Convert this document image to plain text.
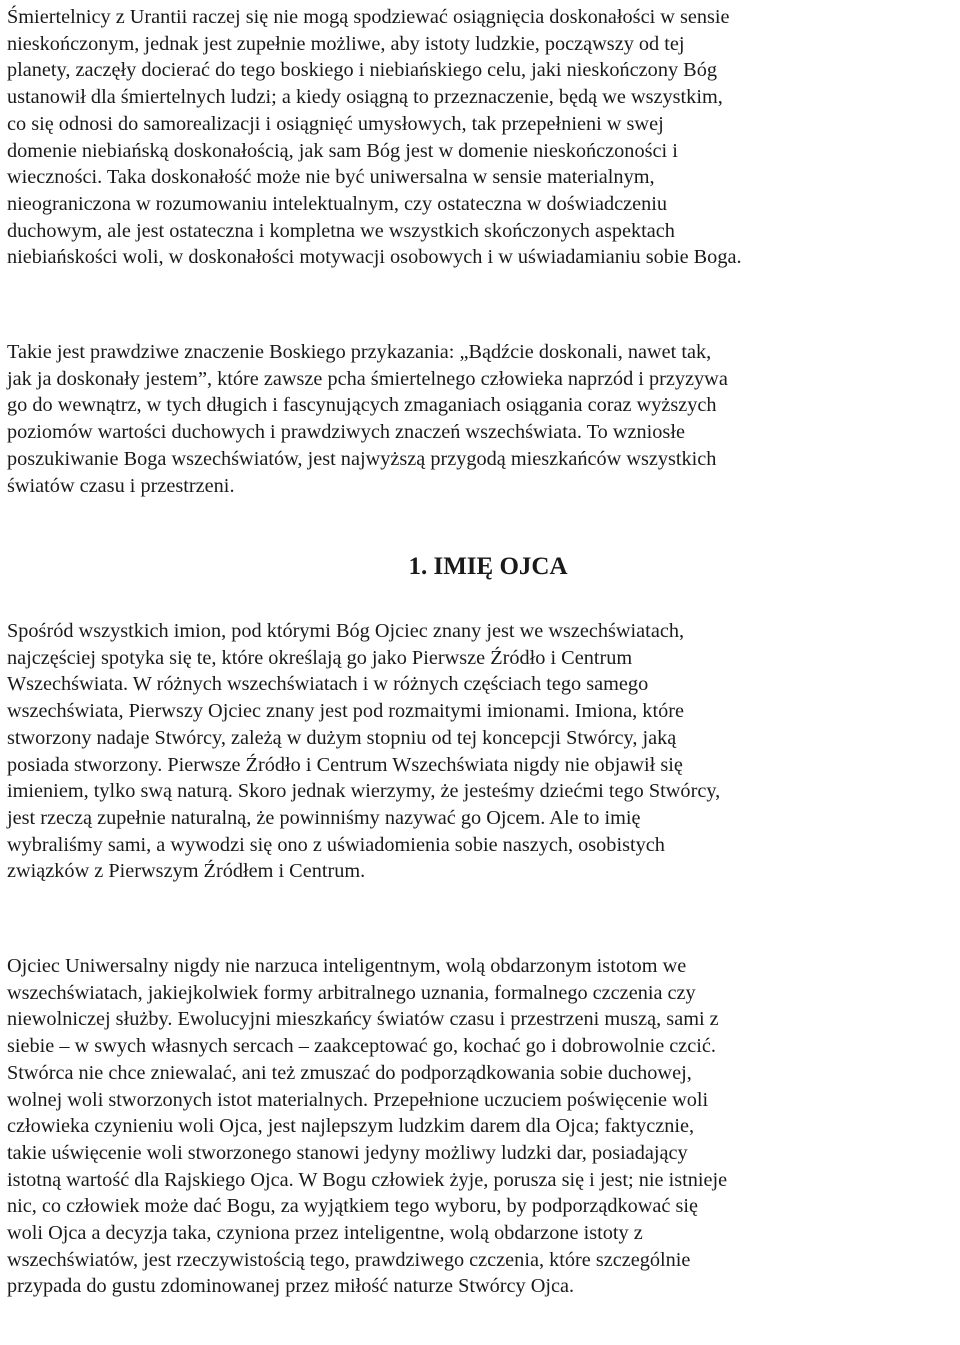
Śmiertelnicy z Urantii raczej się nie mogą spodziewać osiągnięcia doskonałości w sensie
nieskończonym, jednak jest zupełnie możliwe, aby istoty ludzkie, począwszy od tej
planety, zaczęły docierać do tego boskiego i niebiańskiego celu, jaki nieskończony Bóg
ustanowił dla śmiertelnych ludzi; a kiedy osiągną to przeznaczenie, będą we wszystkim,
co się odnosi do samorealizacji i osiągnięć umysłowych, tak przepełnieni w swej
domenie niebiańską doskonałością, jak sam Bóg jest w domenie nieskończoności i
wieczności. Taka doskonałość może nie być uniwersalna w sensie materialnym,
nieograniczona w rozumowaniu intelektualnym, czy ostateczna w doświadczeniu
duchowym, ale jest ostateczna i kompletna we wszystkich skończonych aspektach
niebiańskości woli, w doskonałości motywacji osobowych i w uświadamianiu sobie Boga.
Takie jest prawdziwe znaczenie Boskiego przykazania: „Bądźcie doskonali, nawet tak,
jak ja doskonały jestem”, które zawsze pcha śmiertelnego człowieka naprzód i przyzywa
go do wewnątrz, w tych długich i fascynujących zmaganiach osiągania coraz wyższych
poziomów wartości duchowych i prawdziwych znaczeń wszechświata. To wzniosłe
poszukiwanie Boga wszechświatów, jest najwyższą przygodą mieszkańców wszystkich
światów czasu i przestrzeni.
1. IMIĘ OJCA
Spośród wszystkich imion, pod którymi Bóg Ojciec znany jest we wszechświatach,
najczęściej spotyka się te, które określają go jako Pierwsze Źródło i Centrum
Wszechświata. W różnych wszechświatach i w różnych częściach tego samego
wszechświata, Pierwszy Ojciec znany jest pod rozmaitymi imionami. Imiona, które
stworzony nadaje Stwórcy, zależą w dużym stopniu od tej koncepcji Stwórcy, jaką
posiada stworzony. Pierwsze Źródło i Centrum Wszechświata nigdy nie objawił się
imieniem, tylko swą naturą. Skoro jednak wierzymy, że jesteśmy dziećmi tego Stwórcy,
jest rzeczą zupełnie naturalną, że powinniśmy nazywać go Ojcem. Ale to imię
wybraliśmy sami, a wywodzi się ono z uświadomienia sobie naszych, osobistych
związków z Pierwszym Źródłem i Centrum.
Ojciec Uniwersalny nigdy nie narzuca inteligentnym, wolą obdarzonym istotom we
wszechświatach, jakiejkolwiek formy arbitralnego uznania, formalnego czczenia czy
niewolniczej służby. Ewolucyjni mieszkańcy światów czasu i przestrzeni muszą, sami z
siebie – w swych własnych sercach – zaakceptować go, kochać go i dobrowolnie czcić.
Stwórca nie chce zniewalać, ani też zmuszać do podporządkowania sobie duchowej,
wolnej woli stworzonych istot materialnych. Przepełnione uczuciem poświęcenie woli
człowieka czynieniu woli Ojca, jest najlepszym ludzkim darem dla Ojca; faktycznie,
takie uświęcenie woli stworzonego stanowi jedyny możliwy ludzki dar, posiadający
istotną wartość dla Rajskiego Ojca. W Bogu człowiek żyje, porusza się i jest; nie istnieje
nic, co człowiek może dać Bogu, za wyjątkiem tego wyboru, by podporządkować się
woli Ojca a decyzja taka, czyniona przez inteligentne, wolą obdarzone istoty z
wszechświatów, jest rzeczywistością tego, prawdziwego czczenia, które szczególnie
przypada do gustu zdominowanej przez miłość naturze Stwórcy Ojca.
